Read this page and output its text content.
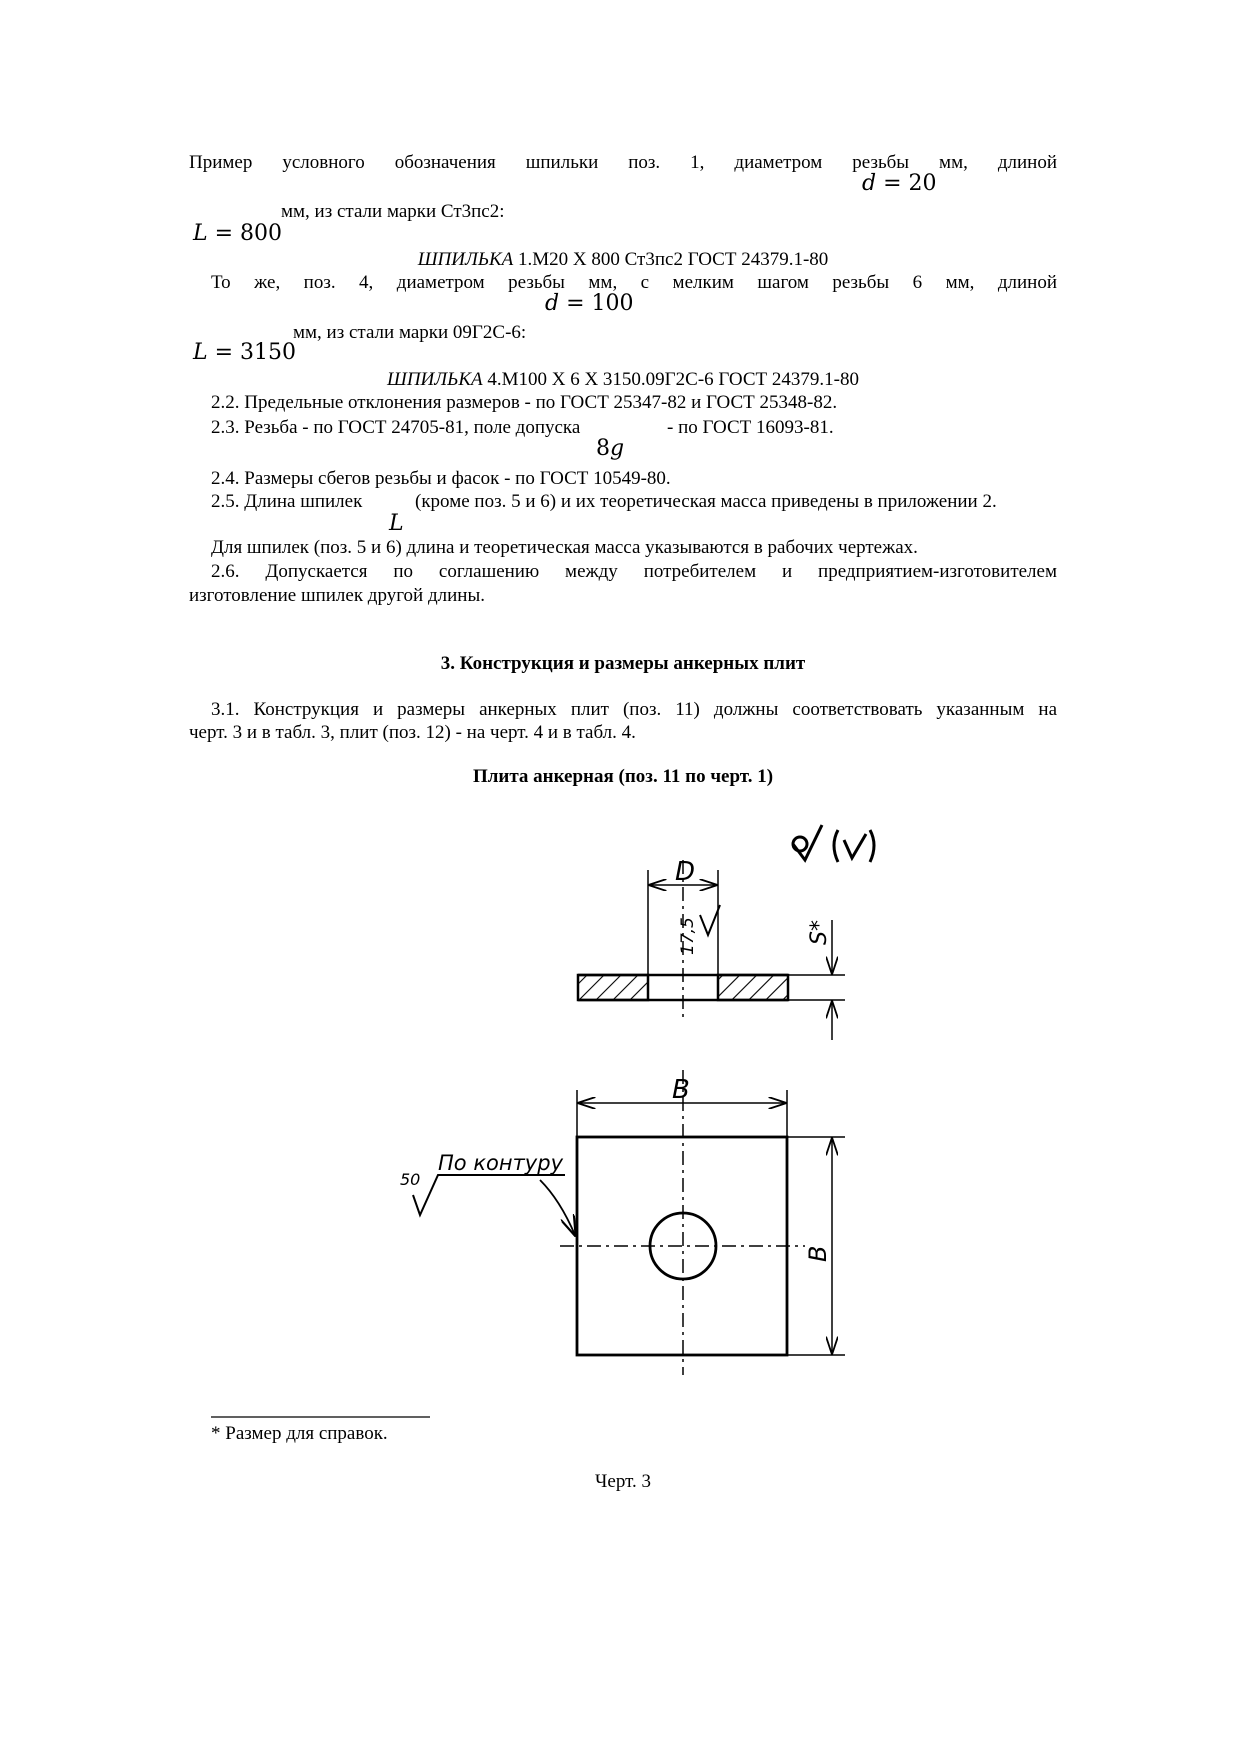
Пример условного обозначения шпильки поз. 1, диаметром резьбы мм, длиной
d = 20
мм, из стали марки Ст3пс2:
L = 800
ШПИЛЬКА 1.М20 X 800 Ст3пс2 ГОСТ 24379.1-80
То же, поз. 4, диаметром резьбы мм, с мелким шагом резьбы 6 мм, длиной
d = 100
мм, из стали марки 09Г2С-6:
L = 3150
ШПИЛЬКА 4.М100 X 6 X 3150.09Г2С-6 ГОСТ 24379.1-80
2.2. Предельные отклонения размеров - по ГОСТ 25347-82 и ГОСТ 25348-82.
2.3. Резьба - по ГОСТ 24705-81, поле допуска	- по ГОСТ 16093-81.
8g
2.4. Размеры сбегов резьбы и фасок - по ГОСТ 10549-80.
2.5. Длина шпилек	(кроме поз. 5 и 6) и их теоретическая масса приведены в приложении 2.
L
Для шпилек (поз. 5 и 6) длина и теоретическая масса указываются в рабочих чертежах.
2.6. Допускается по соглашению между потребителем и предприятием-изготовителем
изготовление шпилек другой длины.
3. Конструкция и размеры анкерных плит
3.1. Конструкция и размеры анкерных плит (поз. 11) должны соответствовать указанным на
черт. 3 и в табл. 3, плит (поз. 12) - на черт. 4 и в табл. 4.
Плита анкерная (поз. 11 по черт. 1)
D
17,5	S*
B
B
50
По контуру
* Размер для справок.
Черт. 3
